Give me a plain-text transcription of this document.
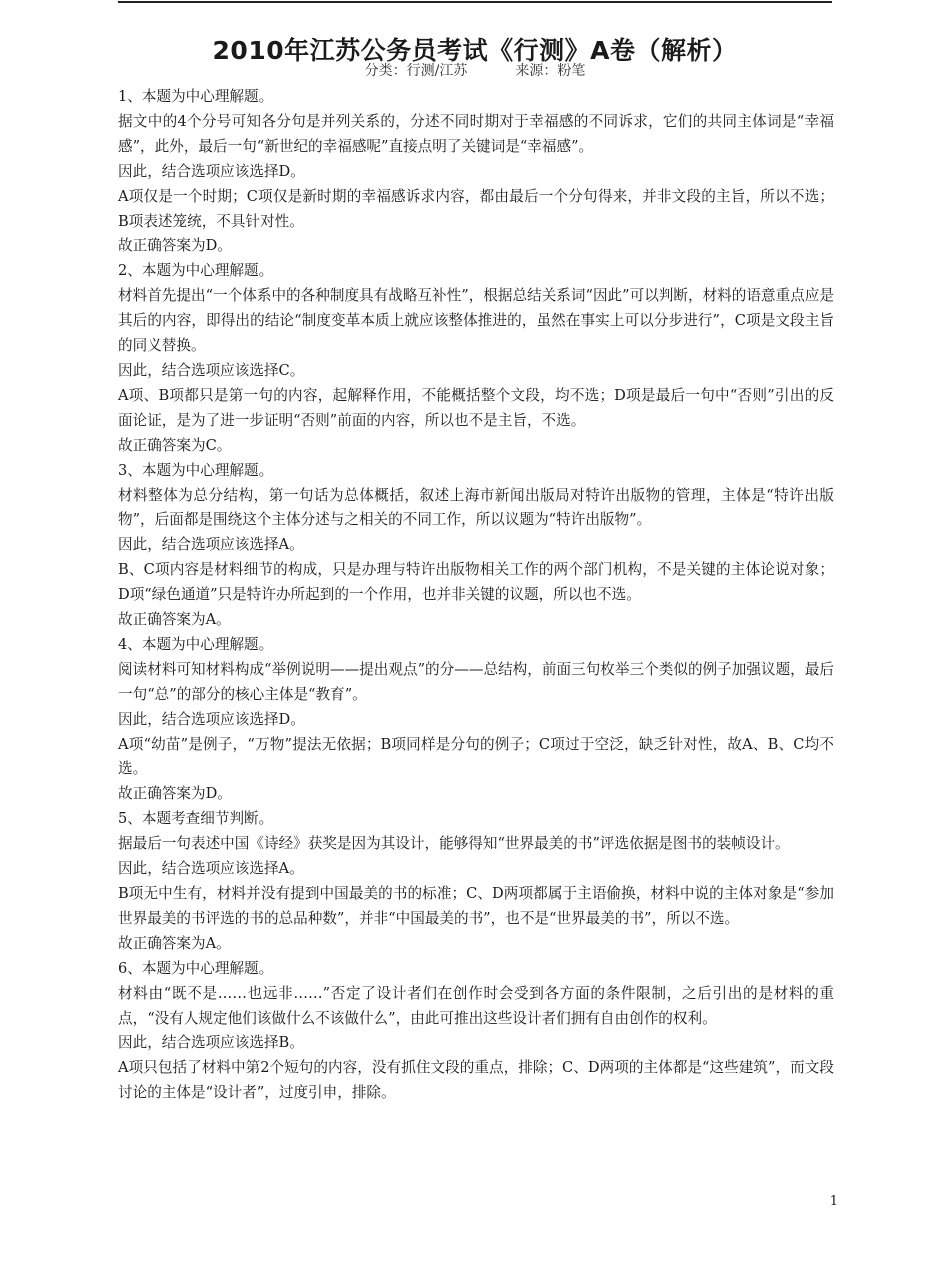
2010年江苏公务员考试《行测》A卷（解析）
分类：行测/江苏	来源：粉笔

1、本题为中心理解题。

据文中的4个分号可知各分句是并列关系的，分述不同时期对于幸福感的不同诉求，它们的共同主体词是“幸福感”，此外，最后一句“新世纪的幸福感呢”直接点明了关键词是“幸福感”。

因此，结合选项应该选择D。

A项仅是一个时期；C项仅是新时期的幸福感诉求内容，都由最后一个分句得来，并非文段的主旨，所以不选；B项表述笼统，不具针对性。

故正确答案为D。

2、本题为中心理解题。

材料首先提出“一个体系中的各种制度具有战略互补性”，根据总结关系词“因此”可以判断，材料的语意重点应是其后的内容，即得出的结论“制度变革本质上就应该整体推进的，虽然在事实上可以分步进行”，C项是文段主旨的同义替换。

因此，结合选项应该选择C。

A项、B项都只是第一句的内容，起解释作用，不能概括整个文段，均不选；D项是最后一句中“否则”引出的反面论证，是为了进一步证明“否则”前面的内容，所以也不是主旨，不选。

故正确答案为C。

3、本题为中心理解题。

材料整体为总分结构，第一句话为总体概括，叙述上海市新闻出版局对特许出版物的管理，主体是“特许出版物”，后面都是围绕这个主体分述与之相关的不同工作，所以议题为“特许出版物”。

因此，结合选项应该选择A。

B、C项内容是材料细节的构成，只是办理与特许出版物相关工作的两个部门机构，不是关键的主体论说对象；D项“绿色通道”只是特许办所起到的一个作用，也并非关键的议题，所以也不选。

故正确答案为A。

4、本题为中心理解题。

阅读材料可知材料构成“举例说明——提出观点”的分——总结构，前面三句枚举三个类似的例子加强议题，最后一句“总”的部分的核心主体是“教育”。

因此，结合选项应该选择D。

A项“幼苗”是例子，“万物”提法无依据；B项同样是分句的例子；C项过于空泛，缺乏针对性，故A、B、C均不选。

故正确答案为D。

5、本题考查细节判断。

据最后一句表述中国《诗经》获奖是因为其设计，能够得知“世界最美的书”评选依据是图书的装帧设计。

因此，结合选项应该选择A。

B项无中生有，材料并没有提到中国最美的书的标准；C、D两项都属于主语偷换，材料中说的主体对象是“参加世界最美的书评选的书的总品种数”，并非“中国最美的书”，也不是“世界最美的书”，所以不选。

故正确答案为A。

6、本题为中心理解题。

材料由“既不是……也远非……”否定了设计者们在创作时会受到各方面的条件限制，之后引出的是材料的重点，“没有人规定他们该做什么不该做什么”，由此可推出这些设计者们拥有自由创作的权利。

因此，结合选项应该选择B。

A项只包括了材料中第2个短句的内容，没有抓住文段的重点，排除；C、D两项的主体都是“这些建筑”，而文段讨论的主体是“设计者”，过度引申，排除。

1
